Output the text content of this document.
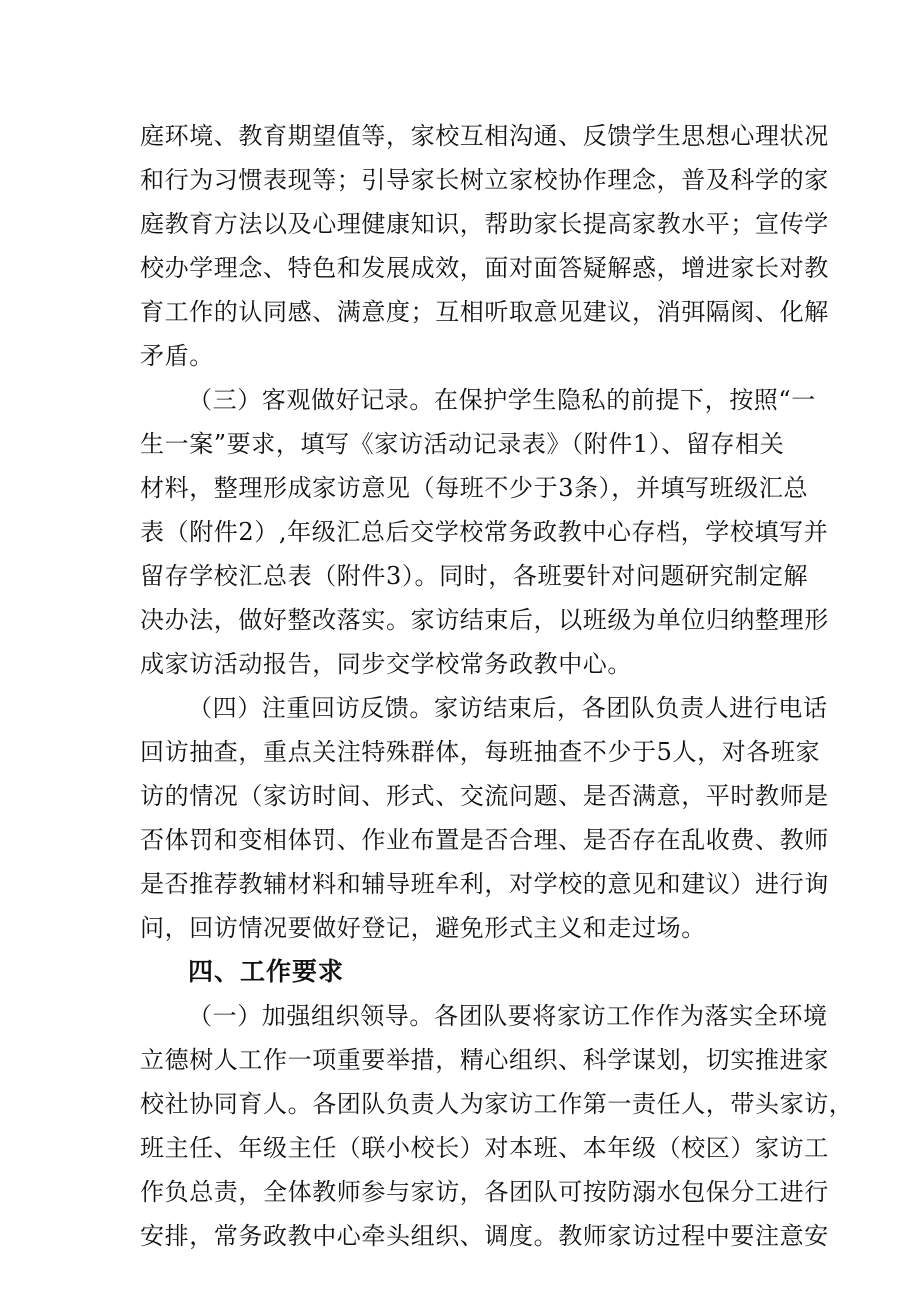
庭环境、教育期望值等，家校互相沟通、反馈学生思想心理状况
和行为习惯表现等；引导家长树立家校协作理念，普及科学的家
庭教育方法以及心理健康知识，帮助家长提高家教水平；宣传学
校办学理念、特色和发展成效，面对面答疑解惑，增进家长对教
育工作的认同感、满意度；互相听取意见建议，消弭隔阂、化解
矛盾。
（三）客观做好记录。在保护学生隐私的前提下，按照“一
生一案”要求，填写《家访活动记录表》（附件1）、留存相关
材料，整理形成家访意见（每班不少于3条），并填写班级汇总
表（附件2）,年级汇总后交学校常务政教中心存档，学校填写并
留存学校汇总表（附件3）。同时，各班要针对问题研究制定解
决办法，做好整改落实。家访结束后，以班级为单位归纳整理形
成家访活动报告，同步交学校常务政教中心。
（四）注重回访反馈。家访结束后，各团队负责人进行电话
回访抽查，重点关注特殊群体，每班抽查不少于5人，对各班家
访的情况（家访时间、形式、交流问题、是否满意，平时教师是
否体罚和变相体罚、作业布置是否合理、是否存在乱收费、教师
是否推荐教辅材料和辅导班牟利，对学校的意见和建议）进行询
问，回访情况要做好登记，避免形式主义和走过场。
四、工作要求
（一）加强组织领导。各团队要将家访工作作为落实全环境
立德树人工作一项重要举措，精心组织、科学谋划，切实推进家
校社协同育人。各团队负责人为家访工作第一责任人，带头家访，
班主任、年级主任（联小校长）对本班、本年级（校区）家访工
作负总责，全体教师参与家访，各团队可按防溺水包保分工进行
安排，常务政教中心牵头组织、调度。教师家访过程中要注意安
